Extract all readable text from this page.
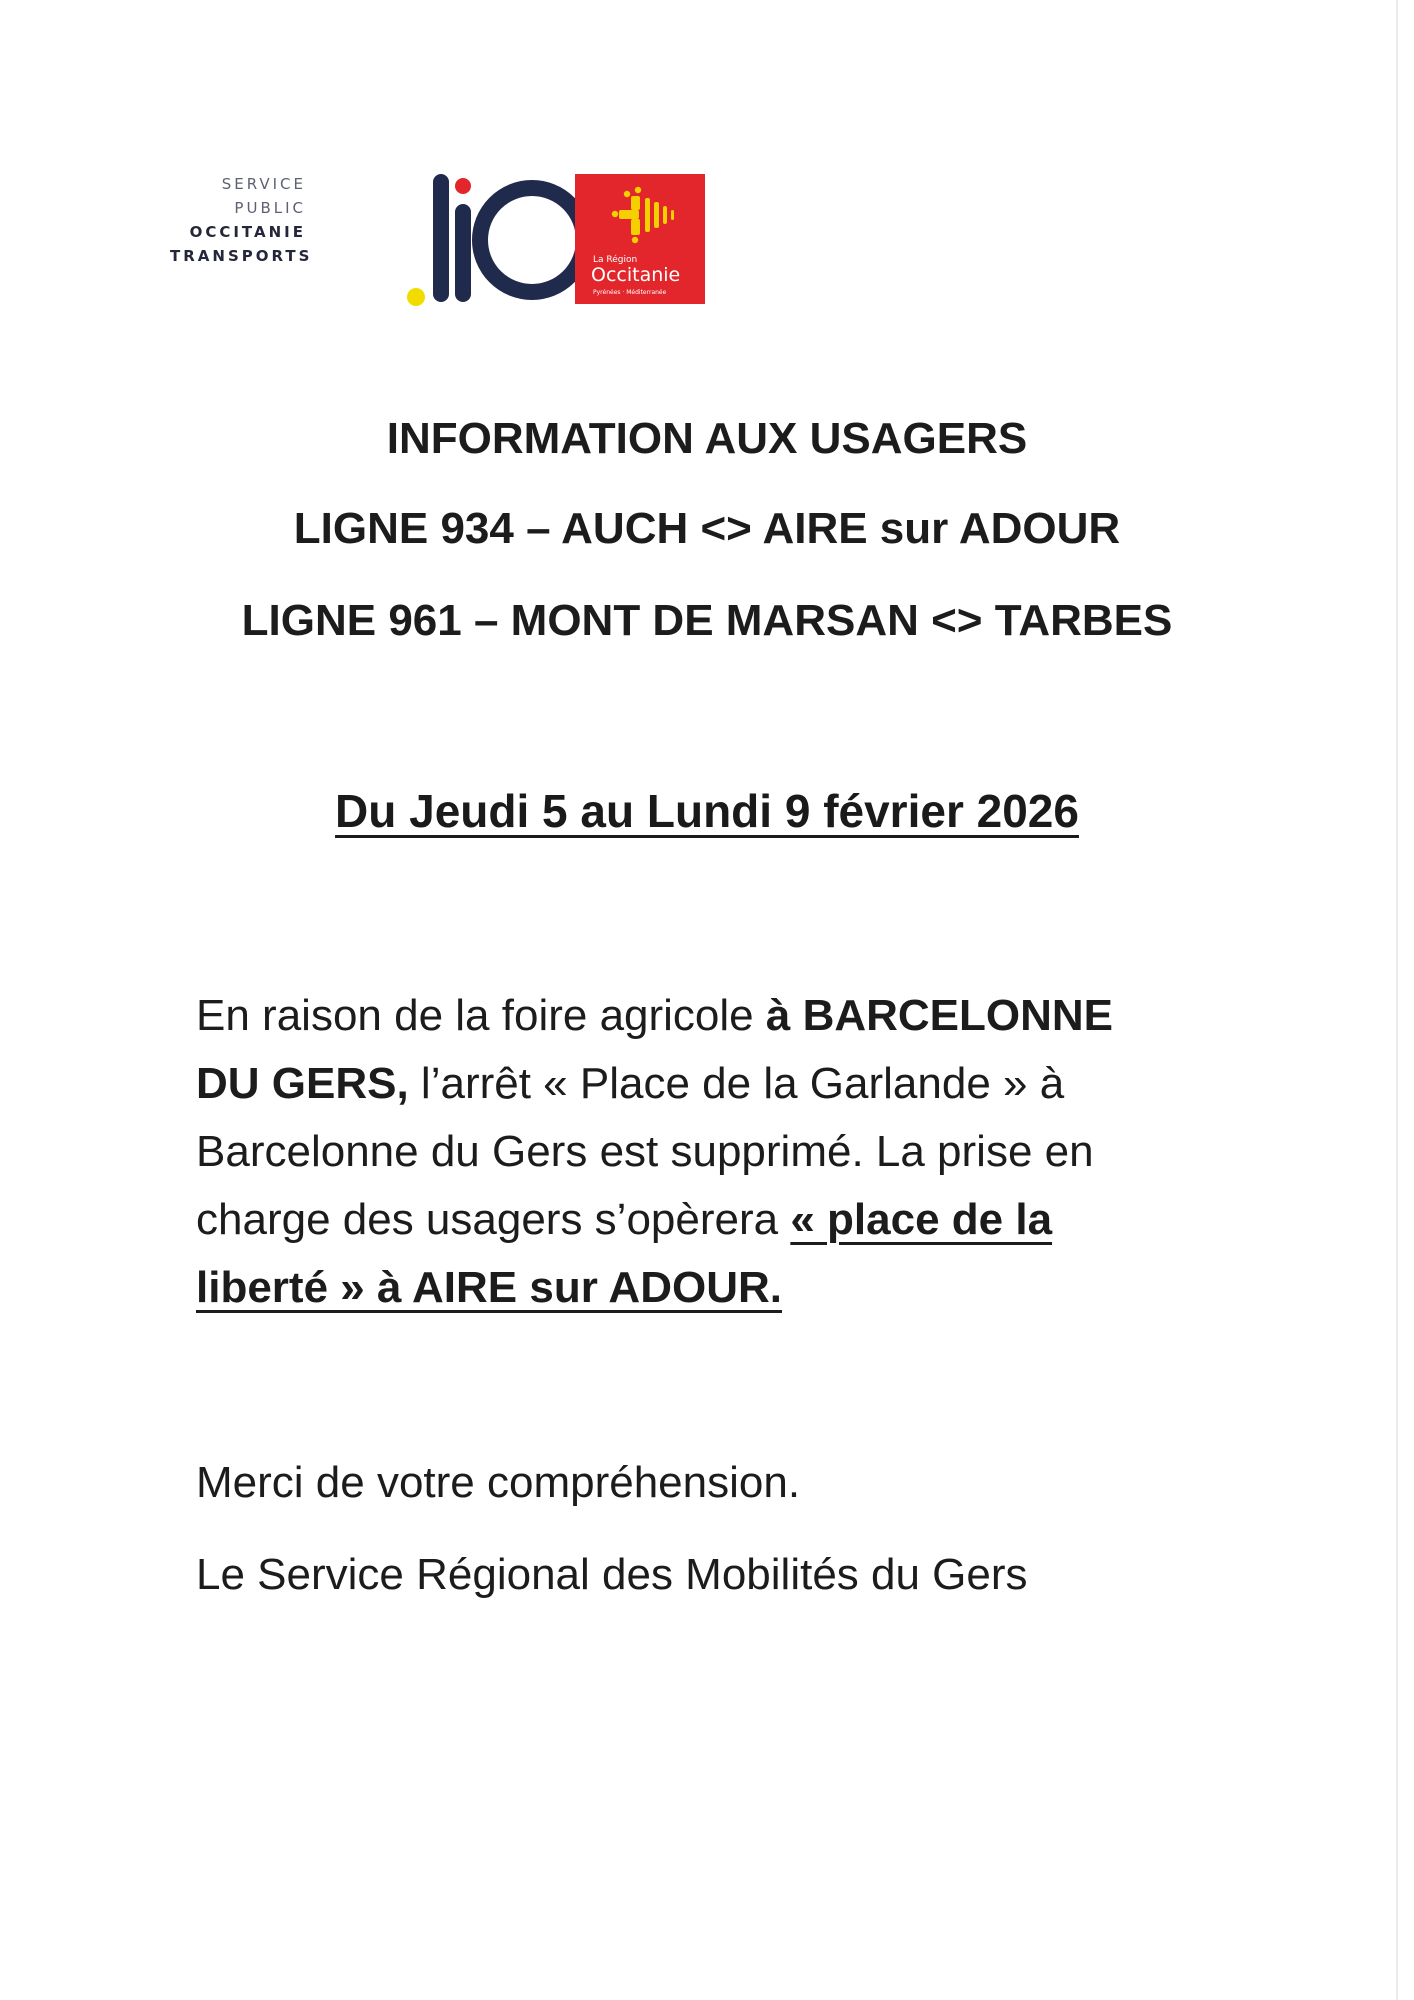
SERVICE
PUBLIC
OCCITANIE
TRANSPORTS	La Région
Occitanie
Pyrénées · Méditerranée
INFORMATION AUX USAGERS
LIGNE 934 – AUCH <> AIRE sur ADOUR
LIGNE 961 – MONT DE MARSAN <> TARBES
Du Jeudi 5 au Lundi 9 février 2026
En raison de la foire agricole à BARCELONNE
DU GERS, l’arrêt « Place de la Garlande » à
Barcelonne du Gers est supprimé. La prise en
charge des usagers s’opèrera « place de la
liberté » à AIRE sur ADOUR.
Merci de votre compréhension.
Le Service Régional des Mobilités du Gers
